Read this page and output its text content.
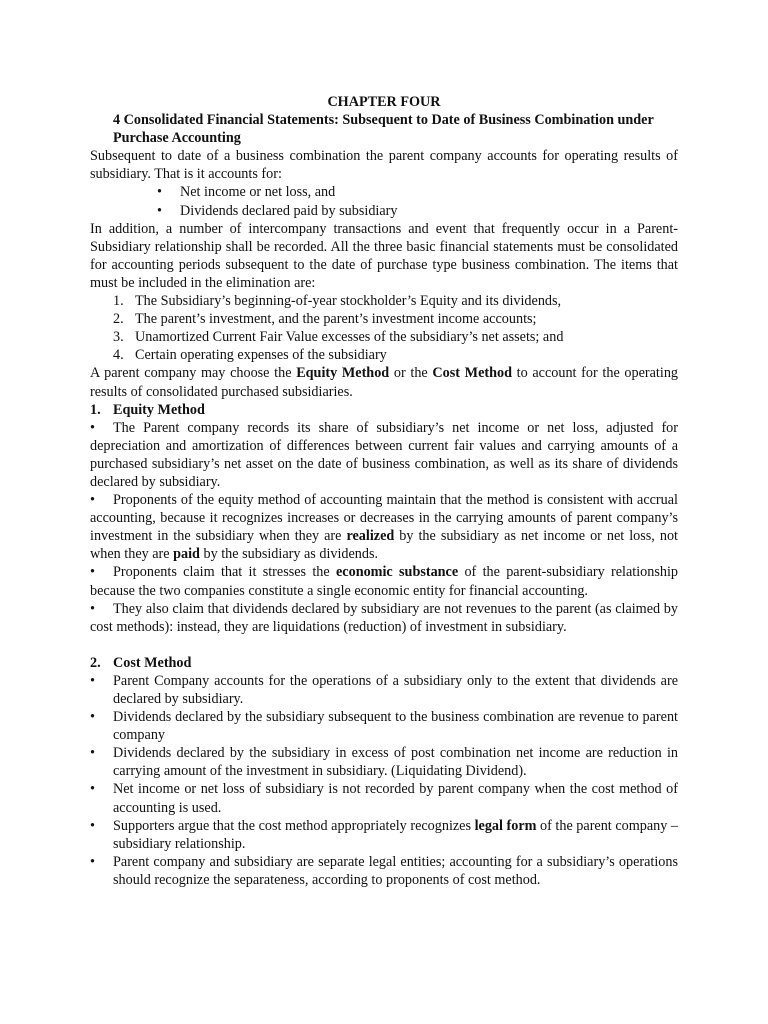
CHAPTER FOUR
4 Consolidated Financial Statements: Subsequent to Date of Business Combination under Purchase Accounting

Subsequent to date of a business combination the parent company accounts for operating results of subsidiary. That is it accounts for:

• Net income or net loss, and
• Dividends declared paid by subsidiary

In addition, a number of intercompany transactions and event that frequently occur in a Parent-Subsidiary relationship shall be recorded. All the three basic financial statements must be consolidated for accounting periods subsequent to the date of purchase type business combination. The items that must be included in the elimination are:

1. The Subsidiary’s beginning-of-year stockholder’s Equity and its dividends,
2. The parent’s investment, and the parent’s investment income accounts;
3. Unamortized Current Fair Value excesses of the subsidiary’s net assets; and
4. Certain operating expenses of the subsidiary

A parent company may choose the Equity Method or the Cost Method to account for the operating results of consolidated purchased subsidiaries.

1. Equity Method

• The Parent company records its share of subsidiary’s net income or net loss, adjusted for depreciation and amortization of differences between current fair values and carrying amounts of a purchased subsidiary’s net asset on the date of business combination, as well as its share of dividends declared by subsidiary.

• Proponents of the equity method of accounting maintain that the method is consistent with accrual accounting, because it recognizes increases or decreases in the carrying amounts of parent company’s investment in the subsidiary when they are realized by the subsidiary as net income or net loss, not when they are paid by the subsidiary as dividends.

• Proponents claim that it stresses the economic substance of the parent-subsidiary relationship because the two companies constitute a single economic entity for financial accounting.

• They also claim that dividends declared by subsidiary are not revenues to the parent (as claimed by cost methods): instead, they are liquidations (reduction) of investment in subsidiary.

2. Cost Method
• Parent Company accounts for the operations of a subsidiary only to the extent that dividends are declared by subsidiary.
• Dividends declared by the subsidiary subsequent to the business combination are revenue to parent company
• Dividends declared by the subsidiary in excess of post combination net income are reduction in carrying amount of the investment in subsidiary. (Liquidating Dividend).
• Net income or net loss of subsidiary is not recorded by parent company when the cost method of accounting is used.
• Supporters argue that the cost method appropriately recognizes legal form of the parent company – subsidiary relationship.
• Parent company and subsidiary are separate legal entities; accounting for a subsidiary’s operations should recognize the separateness, according to proponents of cost method.
